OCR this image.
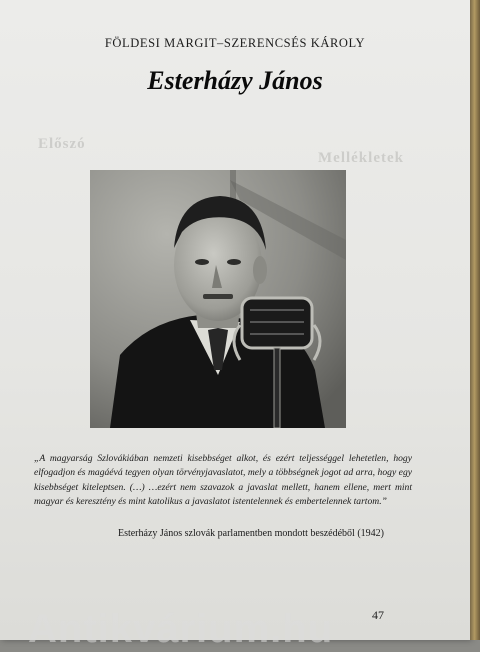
Előszó
Mellékletek
FÖLDESI MARGIT–SZERENCSÉS KÁROLY
Esterházy János
„A magyarság Szlovákiában nemzeti kisebbséget alkot, és ezért teljességgel lehetetlen, hogy elfogadjon és magáévá tegyen olyan törvényjavaslatot, mely a többségnek jogot ad arra, hogy egy kisebbséget kiteleptsen. (…) …ezért nem szavazok a javaslat mellett, hanem ellene, mert mint magyar és keresztény és mint katolikus a javaslatot istentelennek és embertelennek tartom.”
Esterházy János szlovák parlamentben mondott beszédéből (1942)
47
Antikvárium.hu
